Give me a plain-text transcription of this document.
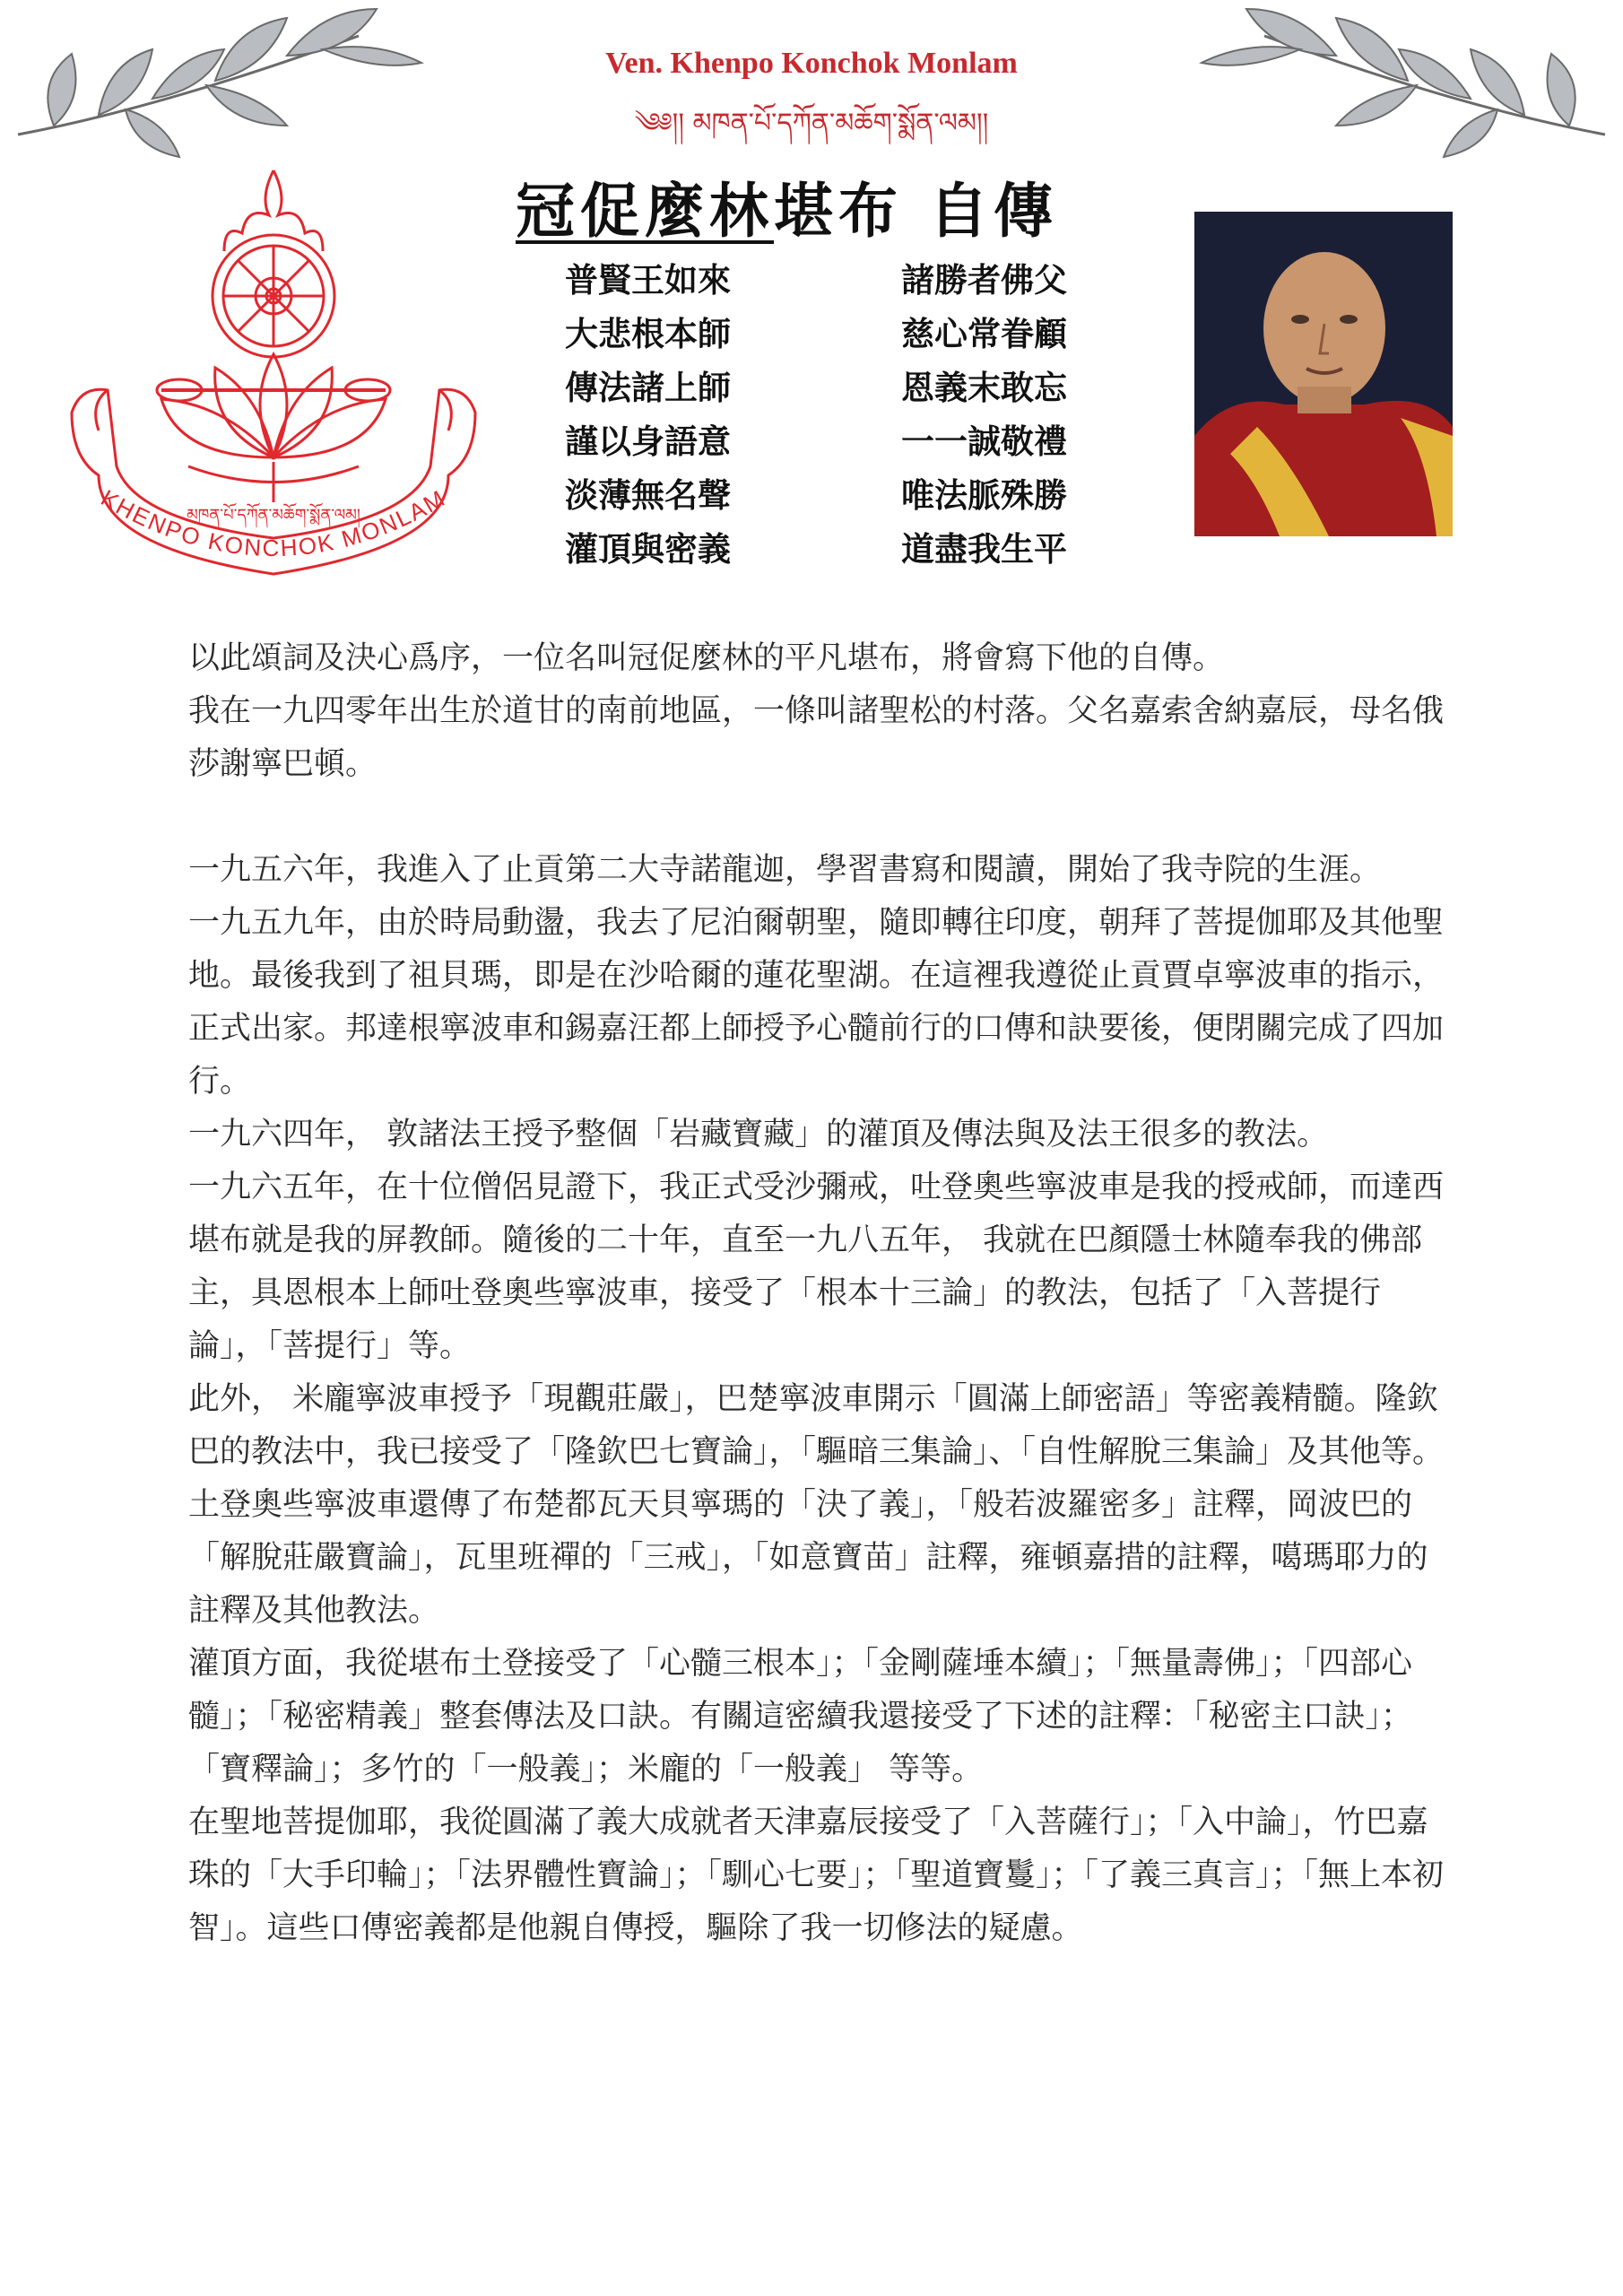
Ven. Khenpo Konchok Monlam
༄༅།། མཁན་པོ་དཀོན་མཆོག་སྨོན་ལམ།།
མཁན་པོ་དཀོན་མཆོག་སྨོན་ལམ།
KHENPO KONCHOK MONLAM
冠促麼林堪布 自傳
普賢王如來	諸勝者佛父
大悲根本師	慈心常眷顧
傳法諸上師	恩義末敢忘
謹以身語意	一一誠敬禮
淡薄無名聲	唯法脈殊勝
灌頂與密義	道盡我生平

以此頌詞及決心爲序，一位名叫冠促麼林的平凡堪布，將會寫下他的自傳。

我在一九四零年出生於道甘的南前地區，一條叫諸聖松的村落。父名嘉索舍納嘉辰，母名俄莎謝寧巴頓。

一九五六年，我進入了止貢第二大寺諾龍迦，學習書寫和閱讀，開始了我寺院的生涯。

一九五九年，由於時局動盪，我去了尼泊爾朝聖，隨即轉往印度，朝拜了菩提伽耶及其他聖地。最後我到了祖貝瑪，即是在沙哈爾的蓮花聖湖。在這裡我遵從止貢賈卓寧波車的指示，正式出家。邦達根寧波車和錫嘉汪都上師授予心髓前行的口傳和訣要後，便閉關完成了四加行。

一九六四年， 敦諸法王授予整個「岩藏寶藏」的灌頂及傳法與及法王很多的教法。

一九六五年，在十位僧侶見證下，我正式受沙彌戒，吐登奧些寧波車是我的授戒師，而達西堪布就是我的屏教師。隨後的二十年，直至一九八五年， 我就在巴顏隱士林隨奉我的佛部主，具恩根本上師吐登奧些寧波車，接受了「根本十三論」的教法，包括了「入菩提行論」，「菩提行」等。

此外， 米龐寧波車授予「現觀莊嚴」，巴楚寧波車開示「圓滿上師密語」等密義精髓。隆欽巴的教法中，我已接受了「隆欽巴七寶論」，「驅暗三集論」、「自性解脫三集論」及其他等。

土登奧些寧波車還傳了布楚都瓦天貝寧瑪的「決了義」，「般若波羅密多」註釋，岡波巴的「解脫莊嚴寶論」，瓦里班禪的「三戒」，「如意寶苗」註釋，雍頓嘉措的註釋，噶瑪耶力的註釋及其他教法。

灌頂方面，我從堪布土登接受了「心髓三根本」；「金剛薩埵本續」；「無量壽佛」；「四部心髓」；「秘密精義」整套傳法及口訣。有關這密續我還接受了下述的註釋：「秘密主口訣」；「寶釋論」；多竹的「一般義」；米龐的「一般義」 等等。

在聖地菩提伽耶，我從圓滿了義大成就者天津嘉辰接受了「入菩薩行」；「入中論」，竹巴嘉珠的「大手印輪」；「法界體性寶論」；「馴心七要」；「聖道寶鬘」；「了義三真言」；「無上本初智」。這些口傳密義都是他親自傳授，驅除了我一切修法的疑慮。
